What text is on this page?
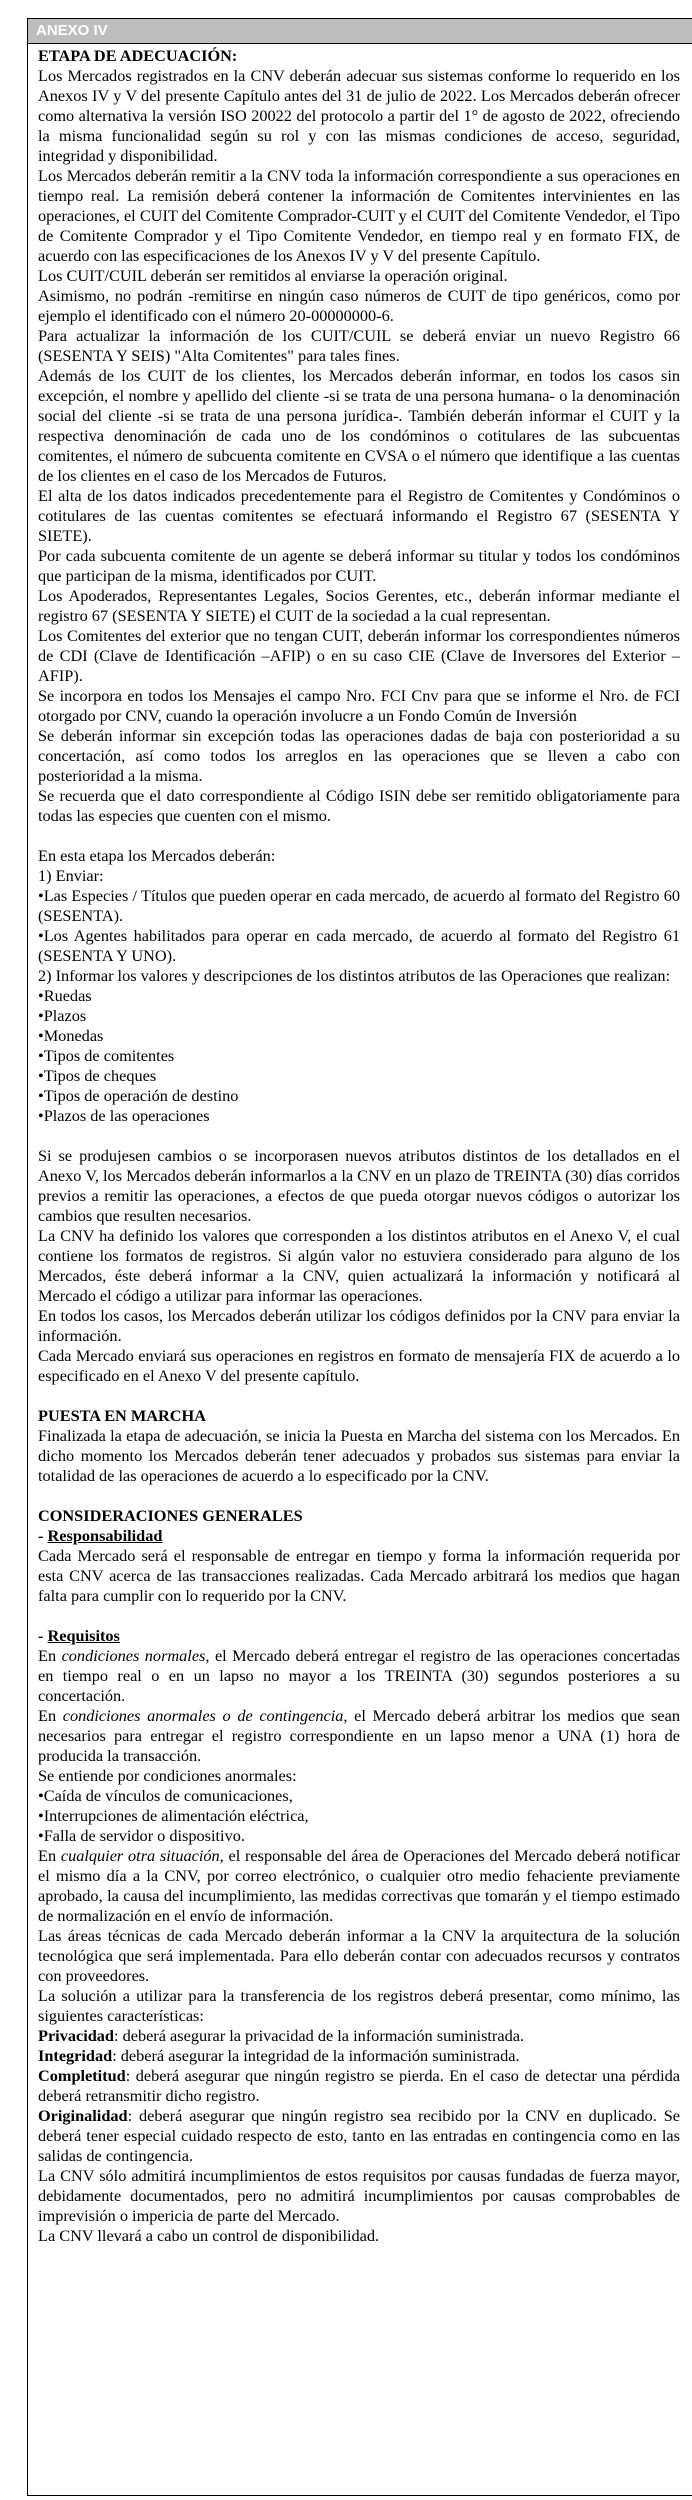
ANEXO IV

ETAPA DE ADECUACIÓN:

Los Mercados registrados en la CNV deberán adecuar sus sistemas conforme lo requerido en los Anexos IV y V del presente Capítulo antes del 31 de julio de 2022. Los Mercados deberán ofrecer como alternativa la versión ISO 20022 del protocolo a partir del 1° de agosto de 2022, ofreciendo la misma funcionalidad según su rol y con las mismas condiciones de acceso, seguridad, integridad y disponibilidad.

Los Mercados deberán remitir a la CNV toda la información correspondiente a sus operaciones en tiempo real. La remisión deberá contener la información de Comitentes intervinientes en las operaciones, el CUIT del Comitente Comprador-CUIT y el CUIT del Comitente Vendedor, el Tipo de Comitente Comprador y el Tipo Comitente Vendedor, en tiempo real y en formato FIX, de acuerdo con las especificaciones de los Anexos IV y V del presente Capítulo.

Los CUIT/CUIL deberán ser remitidos al enviarse la operación original.

Asimismo, no podrán -remitirse en ningún caso números de CUIT de tipo genéricos, como por ejemplo el identificado con el número 20-00000000-6.

Para actualizar la información de los CUIT/CUIL se deberá enviar un nuevo Registro 66 (SESENTA Y SEIS) "Alta Comitentes" para tales fines.

Además de los CUIT de los clientes, los Mercados deberán informar, en todos los casos sin excepción, el nombre y apellido del cliente -si se trata de una persona humana- o la denominación social del cliente -si se trata de una persona jurídica-. También deberán informar el CUIT y la respectiva denominación de cada uno de los condóminos o cotitulares de las subcuentas comitentes, el número de subcuenta comitente en CVSA o el número que identifique a las cuentas de los clientes en el caso de los Mercados de Futuros.

El alta de los datos indicados precedentemente para el Registro de Comitentes y Condóminos o cotitulares de las cuentas comitentes se efectuará informando el Registro 67 (SESENTA Y SIETE).

Por cada subcuenta comitente de un agente se deberá informar su titular y todos los condóminos que participan de la misma, identificados por CUIT.

Los Apoderados, Representantes Legales, Socios Gerentes, etc., deberán informar mediante el registro 67 (SESENTA Y SIETE) el CUIT de la sociedad a la cual representan.

Los Comitentes del exterior que no tengan CUIT, deberán informar los correspondientes números de CDI (Clave de Identificación –AFIP) o en su caso CIE (Clave de Inversores del Exterior – AFIP).

Se incorpora en todos los Mensajes el campo Nro. FCI Cnv para que se informe el Nro. de FCI otorgado por CNV, cuando la operación involucre a un Fondo Común de Inversión

Se deberán informar sin excepción todas las operaciones dadas de baja con posterioridad a su concertación, así como todos los arreglos en las operaciones que se lleven a cabo con posterioridad a la misma.

Se recuerda que el dato correspondiente al Código ISIN debe ser remitido obligatoriamente para todas las especies que cuenten con el mismo.

En esta etapa los Mercados deberán:

1) Enviar:

• Las Especies / Títulos que pueden operar en cada mercado, de acuerdo al formato del Registro 60 (SESENTA).
• Los Agentes habilitados para operar en cada mercado, de acuerdo al formato del Registro 61 (SESENTA Y UNO).

2) Informar los valores y descripciones de los distintos atributos de las Operaciones que realizan:

• Ruedas
• Plazos
• Monedas
• Tipos de comitentes
• Tipos de cheques
• Tipos de operación de destino
• Plazos de las operaciones

Si se produjesen cambios o se incorporasen nuevos atributos distintos de los detallados en el Anexo V, los Mercados deberán informarlos a la CNV en un plazo de TREINTA (30) días corridos previos a remitir las operaciones, a efectos de que pueda otorgar nuevos códigos o autorizar los cambios que resulten necesarios.

La CNV ha definido los valores que corresponden a los distintos atributos en el Anexo V, el cual contiene los formatos de registros. Si algún valor no estuviera considerado para alguno de los Mercados, éste deberá informar a la CNV, quien actualizará la información y notificará al Mercado el código a utilizar para informar las operaciones.

En todos los casos, los Mercados deberán utilizar los códigos definidos por la CNV para enviar la información.

Cada Mercado enviará sus operaciones en registros en formato de mensajería FIX de acuerdo a lo especificado en el Anexo V del presente capítulo.

PUESTA EN MARCHA

Finalizada la etapa de adecuación, se inicia la Puesta en Marcha del sistema con los Mercados. En dicho momento los Mercados deberán tener adecuados y probados sus sistemas para enviar la totalidad de las operaciones de acuerdo a lo especificado por la CNV.

CONSIDERACIONES GENERALES

- Responsabilidad

Cada Mercado será el responsable de entregar en tiempo y forma la información requerida por esta CNV acerca de las transacciones realizadas. Cada Mercado arbitrará los medios que hagan falta para cumplir con lo requerido por la CNV.

- Requisitos

En condiciones normales, el Mercado deberá entregar el registro de las operaciones concertadas en tiempo real o en un lapso no mayor a los TREINTA (30) segundos posteriores a su concertación.

En condiciones anormales o de contingencia, el Mercado deberá arbitrar los medios que sean necesarios para entregar el registro correspondiente en un lapso menor a UNA (1) hora de producida la transacción.

Se entiende por condiciones anormales:

• Caída de vínculos de comunicaciones,
• Interrupciones de alimentación eléctrica,
• Falla de servidor o dispositivo.

En cualquier otra situación, el responsable del área de Operaciones del Mercado deberá notificar el mismo día a la CNV, por correo electrónico, o cualquier otro medio fehaciente previamente aprobado, la causa del incumplimiento, las medidas correctivas que tomarán y el tiempo estimado de normalización en el envío de información.

Las áreas técnicas de cada Mercado deberán informar a la CNV la arquitectura de la solución tecnológica que será implementada. Para ello deberán contar con adecuados recursos y contratos con proveedores.

La solución a utilizar para la transferencia de los registros deberá presentar, como mínimo, las siguientes características:

Privacidad: deberá asegurar la privacidad de la información suministrada.

Integridad: deberá asegurar la integridad de la información suministrada.

Completitud: deberá asegurar que ningún registro se pierda. En el caso de detectar una pérdida deberá retransmitir dicho registro.

Originalidad: deberá asegurar que ningún registro sea recibido por la CNV en duplicado. Se deberá tener especial cuidado respecto de esto, tanto en las entradas en contingencia como en las salidas de contingencia.

La CNV sólo admitirá incumplimientos de estos requisitos por causas fundadas de fuerza mayor, debidamente documentados, pero no admitirá incumplimientos por causas comprobables de imprevisión o impericia de parte del Mercado.

La CNV llevará a cabo un control de disponibilidad.
